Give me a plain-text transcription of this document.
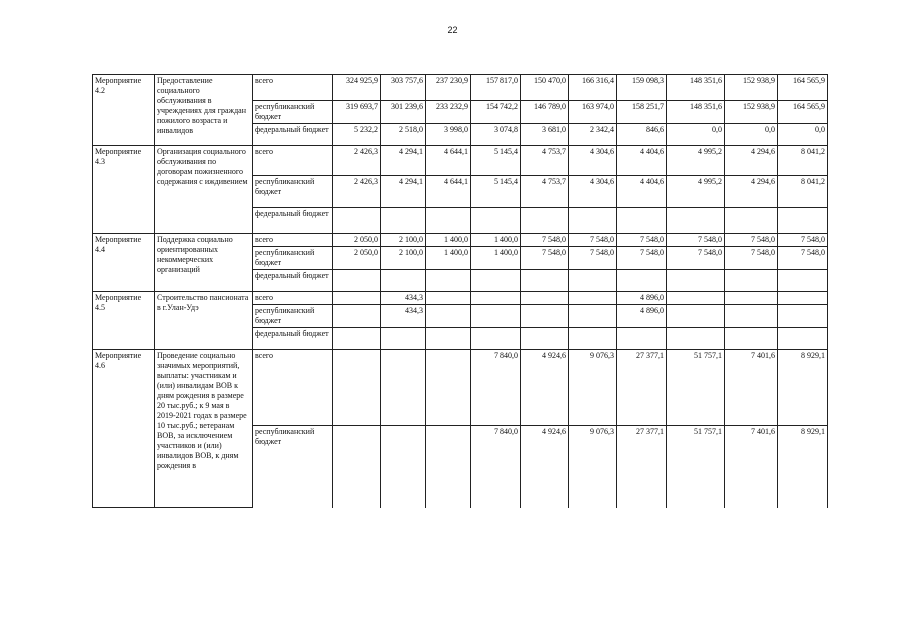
22
Мероприятие 4.2	Предоставление социального обслуживания в учреждениях для граждан пожилого возраста и инвалидов	всего	324 925,9	303 757,6	237 230,9	157 817,0	150 470,0	166 316,4	159 098,3	148 351,6	152 938,9	164 565,9
		республиканский бюджет	319 693,7	301 239,6	233 232,9	154 742,2	146 789,0	163 974,0	158 251,7	148 351,6	152 938,9	164 565,9
		федеральный бюджет	5 232,2	2 518,0	3 998,0	3 074,8	3 681,0	2 342,4	846,6	0,0	0,0	0,0
Мероприятие 4.3	Организация социального обслуживания по договорам пожизненного содержания с иждивением	всего	2 426,3	4 294,1	4 644,1	5 145,4	4 753,7	4 304,6	4 404,6	4 995,2	4 294,6	8 041,2
		республиканский бюджет	2 426,3	4 294,1	4 644,1	5 145,4	4 753,7	4 304,6	4 404,6	4 995,2	4 294,6	8 041,2
		федеральный бюджет										
Мероприятие 4.4	Поддержка социально ориентированных некоммерческих организаций	всего	2 050,0	2 100,0	1 400,0	1 400,0	7 548,0	7 548,0	7 548,0	7 548,0	7 548,0	7 548,0
		республиканский бюджет	2 050,0	2 100,0	1 400,0	1 400,0	7 548,0	7 548,0	7 548,0	7 548,0	7 548,0	7 548,0
		федеральный бюджет										
Мероприятие 4.5	Строительство пансионата в г.Улан-Удэ	всего		434,3					4 896,0			
		республиканский бюджет		434,3					4 896,0			
		федеральный бюджет										
Мероприятие 4.6	Проведение социально значимых мероприятий, выплаты: участникам и (или) инвалидам ВОВ к дням рождения в размере 20 тыс.руб.; к 9 мая в 2019-2021 годах в размере 10 тыс.руб.; ветеранам ВОВ, за исключением участников и (или) инвалидов ВОВ, к дням рождения в	всего				7 840,0	4 924,6	9 076,3	27 377,1	51 757,1	7 401,6	8 929,1
		республиканский бюджет				7 840,0	4 924,6	9 076,3	27 377,1	51 757,1	7 401,6	8 929,1
